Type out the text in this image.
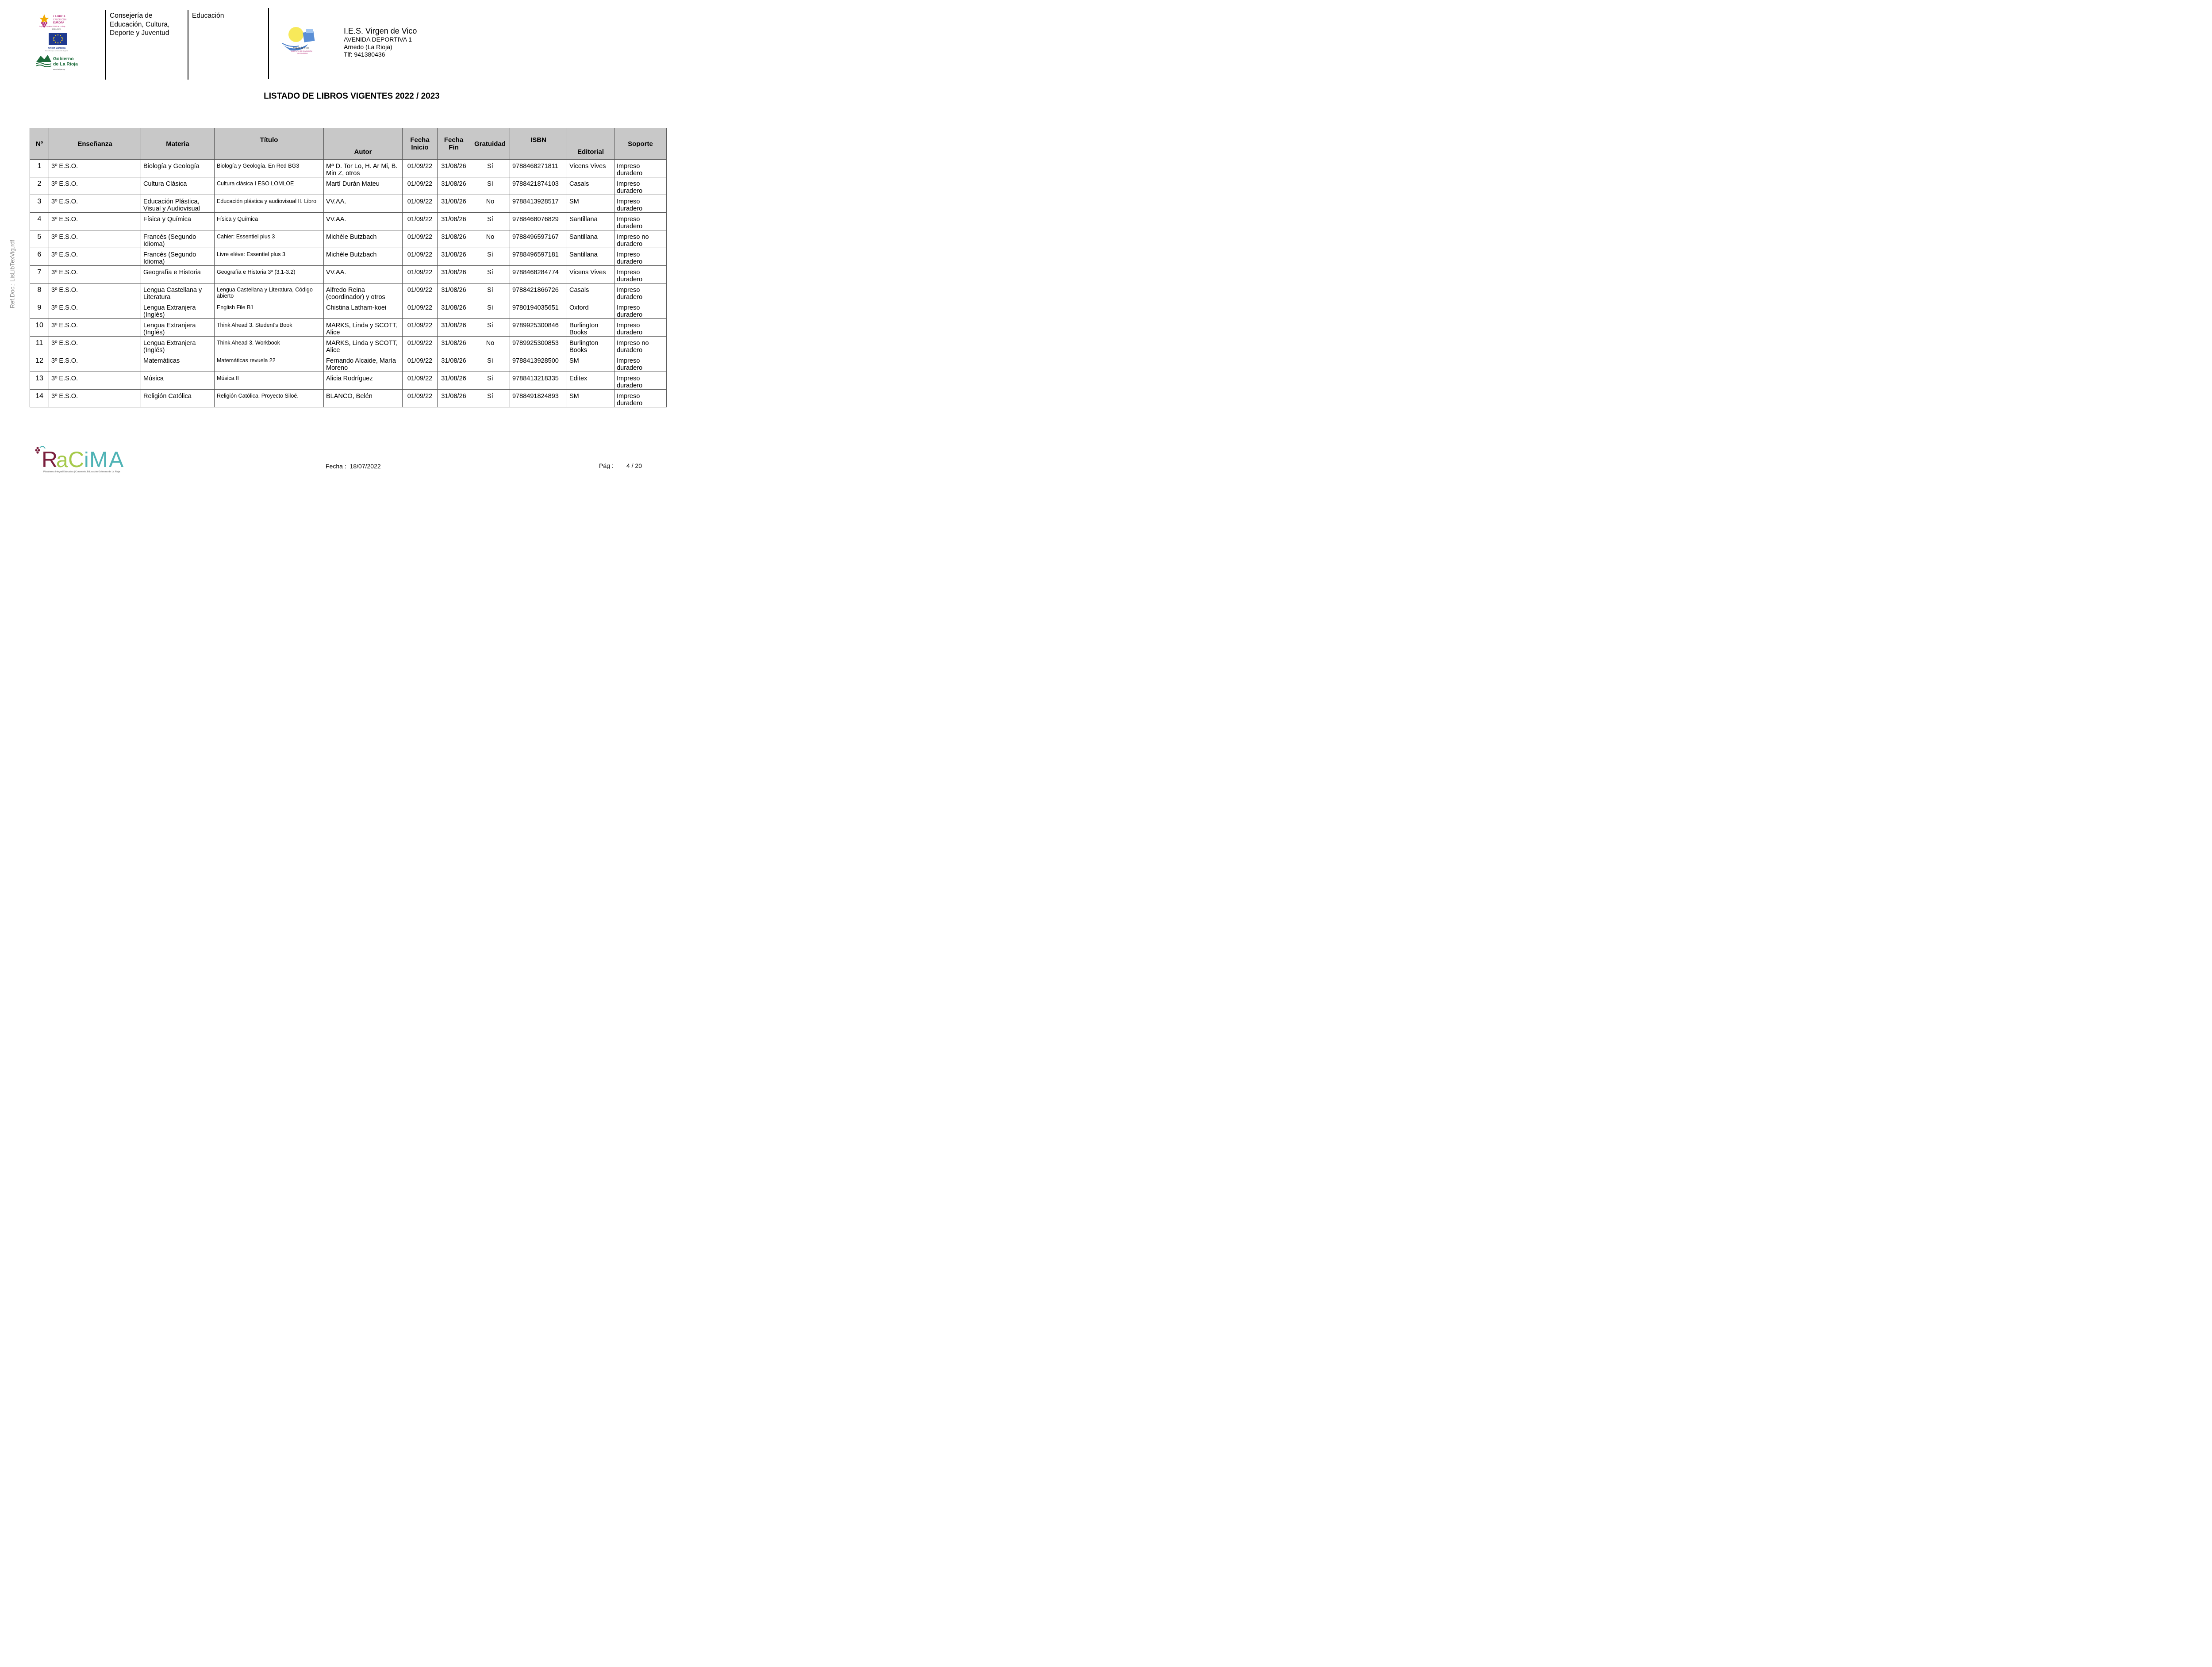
LA RIOJA
CRECE CON
EUROPA
Programa Operativo FEDER de La Rioja
2014-2020
Unión Europea
Fondo Europeo de Desarrollo Regional
Gobierno
de La Rioja
www.larioja.org
Consejería de
Educación, Cultura,
Deporte y Juventud
Educación
Virgen de Vico
INSTITUTO DE EDUCACIÓN
SECUNDARIA
I.E.S. Virgen de Vico
AVENIDA DEPORTIVA 1
Arnedo (La Rioja)
Tlf: 941380436
LISTADO DE LIBROS VIGENTES 2022 / 2023
Ref.Doc.: LisLibTexVig.rdf
Nº	Enseñanza	Materia	Título	Autor	Fecha Inicio	Fecha Fin	Gratuidad	ISBN	Editorial	Soporte
1	3º E.S.O.	Biología y Geología	Biología y Geología. En Red BG3	Mª D. Tor Lo, H. Ar Mi, B. Min Z, otros	01/09/22	31/08/26	Sí	9788468271811	Vicens Vives	Impreso duradero
2	3º E.S.O.	Cultura Clásica	Cultura clásica I ESO LOMLOE	Martí Durán Mateu	01/09/22	31/08/26	Sí	9788421874103	Casals	Impreso duradero
3	3º E.S.O.	Educación Plástica, Visual y Audiovisual	Educación plástica y audiovisual II. Libro	VV.AA.	01/09/22	31/08/26	No	9788413928517	SM	Impreso duradero
4	3º E.S.O.	Física y Química	Física y Química	VV.AA.	01/09/22	31/08/26	Sí	9788468076829	Santillana	Impreso duradero
5	3º E.S.O.	Francés (Segundo Idioma)	Cahier: Essentiel plus 3	Michèle Butzbach	01/09/22	31/08/26	No	9788496597167	Santillana	Impreso no duradero
6	3º E.S.O.	Francés (Segundo Idioma)	Livre elève: Essentiel plus 3	Michèle Butzbach	01/09/22	31/08/26	Sí	9788496597181	Santillana	Impreso duradero
7	3º E.S.O.	Geografía e Historia	Geografía e Historia 3º (3.1-3.2)	VV.AA.	01/09/22	31/08/26	Sí	9788468284774	Vicens Vives	Impreso duradero
8	3º E.S.O.	Lengua Castellana y Literatura	Lengua Castellana y Literatura, Código abierto	Alfredo Reina (coordinador) y otros	01/09/22	31/08/26	Sí	9788421866726	Casals	Impreso duradero
9	3º E.S.O.	Lengua Extranjera (Inglés)	English File B1	Chistina Latham-koei	01/09/22	31/08/26	Sí	9780194035651	Oxford	Impreso duradero
10	3º E.S.O.	Lengua Extranjera (Inglés)	Think Ahead 3. Student's Book	MARKS, Linda y SCOTT, Alice	01/09/22	31/08/26	Sí	9789925300846	Burlington Books	Impreso duradero
11	3º E.S.O.	Lengua Extranjera (Inglés)	Think Ahead 3. Workbook	MARKS, Linda y SCOTT, Alice	01/09/22	31/08/26	No	9789925300853	Burlington Books	Impreso no duradero
12	3º E.S.O.	Matemáticas	Matemáticas revuela 22	Fernando Alcaide, María Moreno	01/09/22	31/08/26	Sí	9788413928500	SM	Impreso duradero
13	3º E.S.O.	Música	Música II	Alicia Rodríguez	01/09/22	31/08/26	Sí	9788413218335	Editex	Impreso duradero
14	3º E.S.O.	Religión Católica	Religión Católica. Proyecto Siloé.	BLANCO, Belén	01/09/22	31/08/26	Sí	9788491824893	SM	Impreso duradero
R
a C i M A
Plataforma Integral Educativa | Consejería Educación Gobierno de La Rioja
Fecha : 18/07/2022	Pág : 4 / 20
